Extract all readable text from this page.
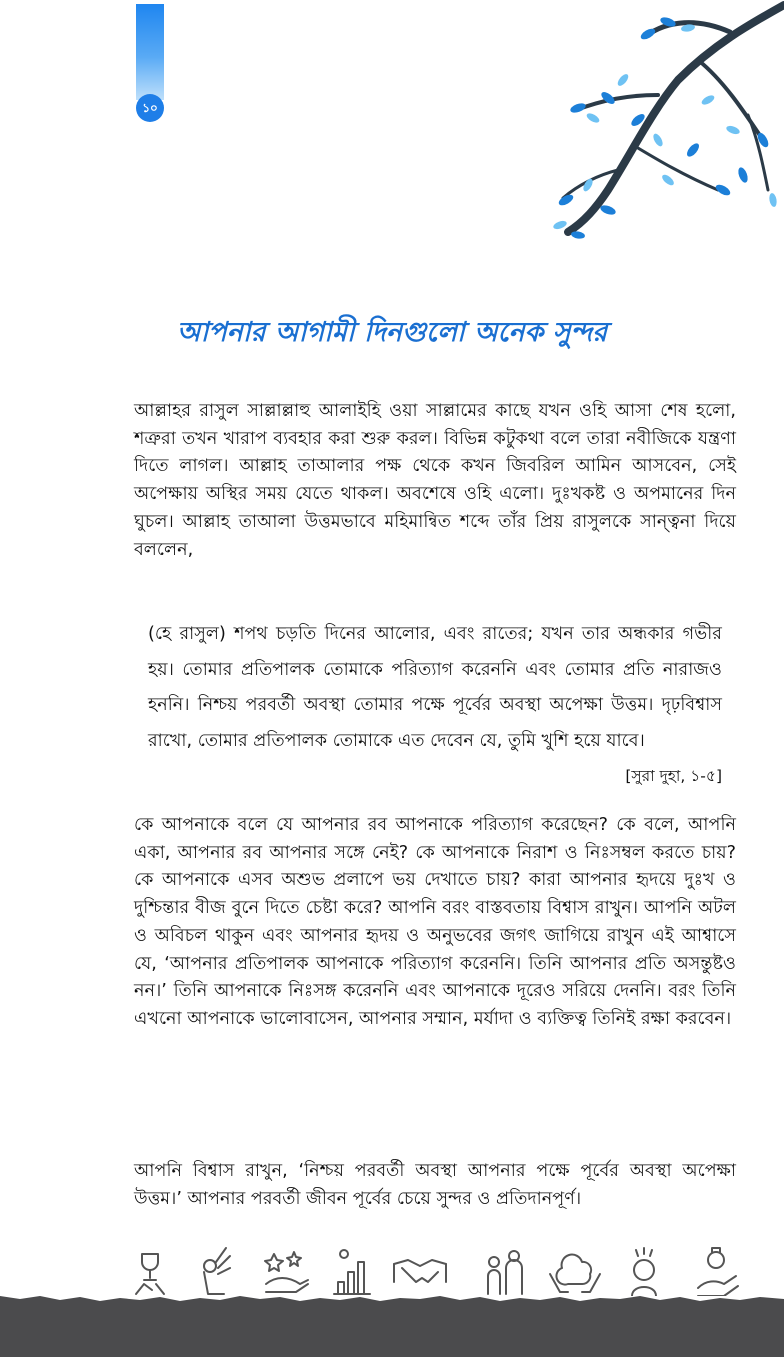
১০
আপনার আগামী দিনগুলো অনেক সুন্দর

আল্লাহর রাসুল সাল্লাল্লাহু আলাইহি ওয়া সাল্লামের কাছে যখন ওহি আসা শেষ হলো, শত্রুরা তখন খারাপ ব্যবহার করা শুরু করল। বিভিন্ন কটুকথা বলে তারা নবীজিকে যন্ত্রণা দিতে লাগল। আল্লাহ তাআলার পক্ষ থেকে কখন জিবরিল আমিন আসবেন, সেই অপেক্ষায় অস্থির সময় যেতে থাকল। অবশেষে ওহি এলো। দুঃখকষ্ট ও অপমানের দিন ঘুচল। আল্লাহ তাআলা উত্তমভাবে মহিমান্বিত শব্দে তাঁর প্রিয় রাসুলকে সান্ত্বনা দিয়ে বললেন,

(হে রাসুল) শপথ চড়তি দিনের আলোর, এবং রাতের; যখন তার অন্ধকার গভীর হয়। তোমার প্রতিপালক তোমাকে পরিত্যাগ করেননি এবং তোমার প্রতি নারাজও হননি। নিশ্চয় পরবর্তী অবস্থা তোমার পক্ষে পূর্বের অবস্থা অপেক্ষা উত্তম। দৃঢ়বিশ্বাস রাখো, তোমার প্রতিপালক তোমাকে এত দেবেন যে, তুমি খুশি হয়ে যাবে।
[সুরা দুহা, ১-৫]

কে আপনাকে বলে যে আপনার রব আপনাকে পরিত্যাগ করেছেন? কে বলে, আপনি একা, আপনার রব আপনার সঙ্গে নেই? কে আপনাকে নিরাশ ও নিঃসম্বল করতে চায়? কে আপনাকে এসব অশুভ প্রলাপে ভয় দেখাতে চায়? কারা আপনার হৃদয়ে দুঃখ ও দুশ্চিন্তার বীজ বুনে দিতে চেষ্টা করে? আপনি বরং বাস্তবতায় বিশ্বাস রাখুন। আপনি অটল ও অবিচল থাকুন এবং আপনার হৃদয় ও অনুভবের জগৎ জাগিয়ে রাখুন এই আশ্বাসে যে, ‘আপনার প্রতিপালক আপনাকে পরিত্যাগ করেননি। তিনি আপনার প্রতি অসন্তুষ্টও নন।’ তিনি আপনাকে নিঃসঙ্গ করেননি এবং আপনাকে দূরেও সরিয়ে দেননি। বরং তিনি এখনো আপনাকে ভালোবাসেন, আপনার সম্মান, মর্যাদা ও ব্যক্তিত্ব তিনিই রক্ষা করবেন।

আপনি বিশ্বাস রাখুন, ‘নিশ্চয় পরবর্তী অবস্থা আপনার পক্ষে পূর্বের অবস্থা অপেক্ষা উত্তম।’ আপনার পরবর্তী জীবন পূর্বের চেয়ে সুন্দর ও প্রতিদানপূর্ণ।
